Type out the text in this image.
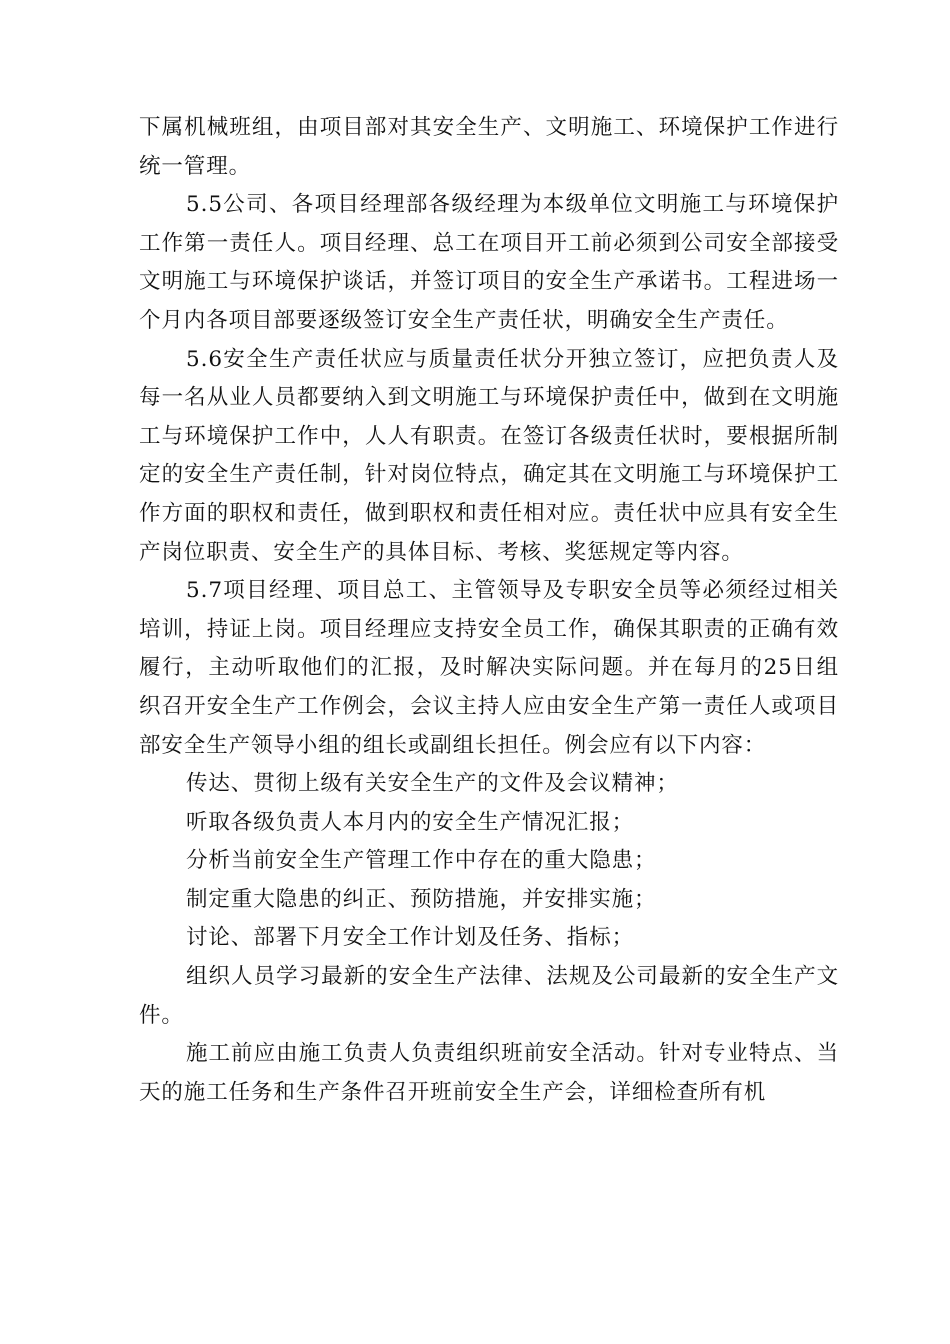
下属机械班组，由项目部对其安全生产、文明施工、环境保护工作进行统一管理。

5.5公司、各项目经理部各级经理为本级单位文明施工与环境保护工作第一责任人。项目经理、总工在项目开工前必须到公司安全部接受文明施工与环境保护谈话，并签订项目的安全生产承诺书。工程进场一个月内各项目部要逐级签订安全生产责任状，明确安全生产责任。

5.6安全生产责任状应与质量责任状分开独立签订，应把负责人及每一名从业人员都要纳入到文明施工与环境保护责任中，做到在文明施工与环境保护工作中，人人有职责。在签订各级责任状时，要根据所制定的安全生产责任制，针对岗位特点，确定其在文明施工与环境保护工作方面的职权和责任，做到职权和责任相对应。责任状中应具有安全生产岗位职责、安全生产的具体目标、考核、奖惩规定等内容。

5.7项目经理、项目总工、主管领导及专职安全员等必须经过相关培训，持证上岗。项目经理应支持安全员工作，确保其职责的正确有效履行，主动听取他们的汇报，及时解决实际问题。并在每月的25日组织召开安全生产工作例会，会议主持人应由安全生产第一责任人或项目部安全生产领导小组的组长或副组长担任。例会应有以下内容：

传达、贯彻上级有关安全生产的文件及会议精神；

听取各级负责人本月内的安全生产情况汇报；

分析当前安全生产管理工作中存在的重大隐患；

制定重大隐患的纠正、预防措施，并安排实施；

讨论、部署下月安全工作计划及任务、指标；

组织人员学习最新的安全生产法律、法规及公司最新的安全生产文件。

施工前应由施工负责人负责组织班前安全活动。针对专业特点、当天的施工任务和生产条件召开班前安全生产会，详细检查所有机
